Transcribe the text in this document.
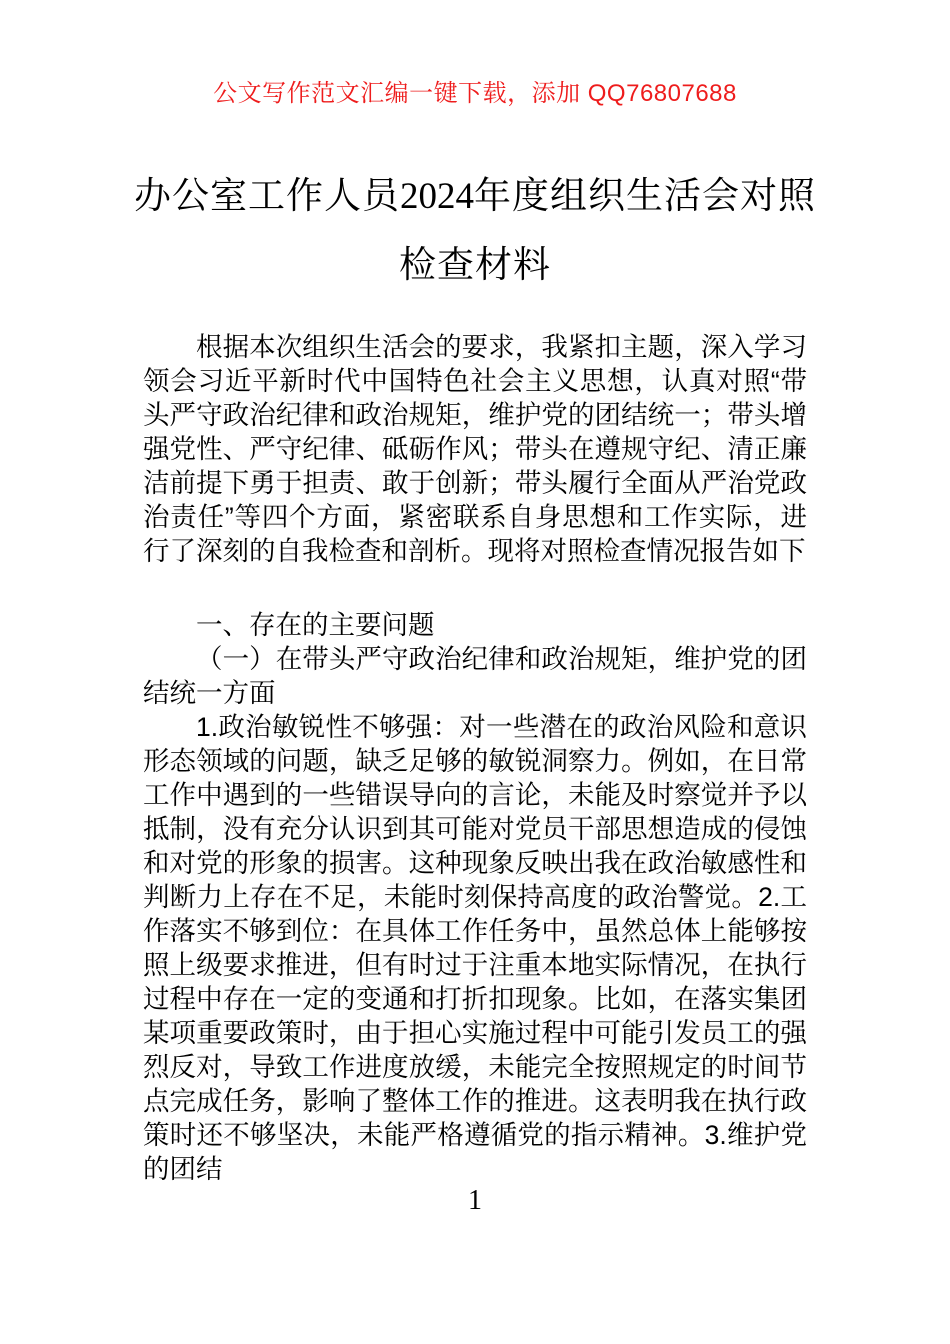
公文写作范文汇编一键下载，添加 QQ76807688
办公室工作人员2024年度组织生活会对照检查材料

根据本次组织生活会的要求，我紧扣主题，深入学习领会习近平新时代中国特色社会主义思想，认真对照“带头严守政治纪律和政治规矩，维护党的团结统一；带头增强党性、严守纪律、砥砺作风；带头在遵规守纪、清正廉洁前提下勇于担责、敢于创新；带头履行全面从严治党政治责任”等四个方面，紧密联系自身思想和工作实际，进行了深刻的自我检查和剖析。现将对照检查情况报告如下

一、存在的主要问题

（一）在带头严守政治纪律和政治规矩，维护党的团结统一方面

1.政治敏锐性不够强：对一些潜在的政治风险和意识形态领域的问题，缺乏足够的敏锐洞察力。例如，在日常工作中遇到的一些错误导向的言论，未能及时察觉并予以抵制，没有充分认识到其可能对党员干部思想造成的侵蚀和对党的形象的损害。这种现象反映出我在政治敏感性和判断力上存在不足，未能时刻保持高度的政治警觉。2.工作落实不够到位：在具体工作任务中，虽然总体上能够按照上级要求推进，但有时过于注重本地实际情况，在执行过程中存在一定的变通和打折扣现象。比如，在落实集团某项重要政策时，由于担心实施过程中可能引发员工的强烈反对，导致工作进度放缓，未能完全按照规定的时间节点完成任务，影响了整体工作的推进。这表明我在执行政策时还不够坚决，未能严格遵循党的指示精神。3.维护党的团结

1
